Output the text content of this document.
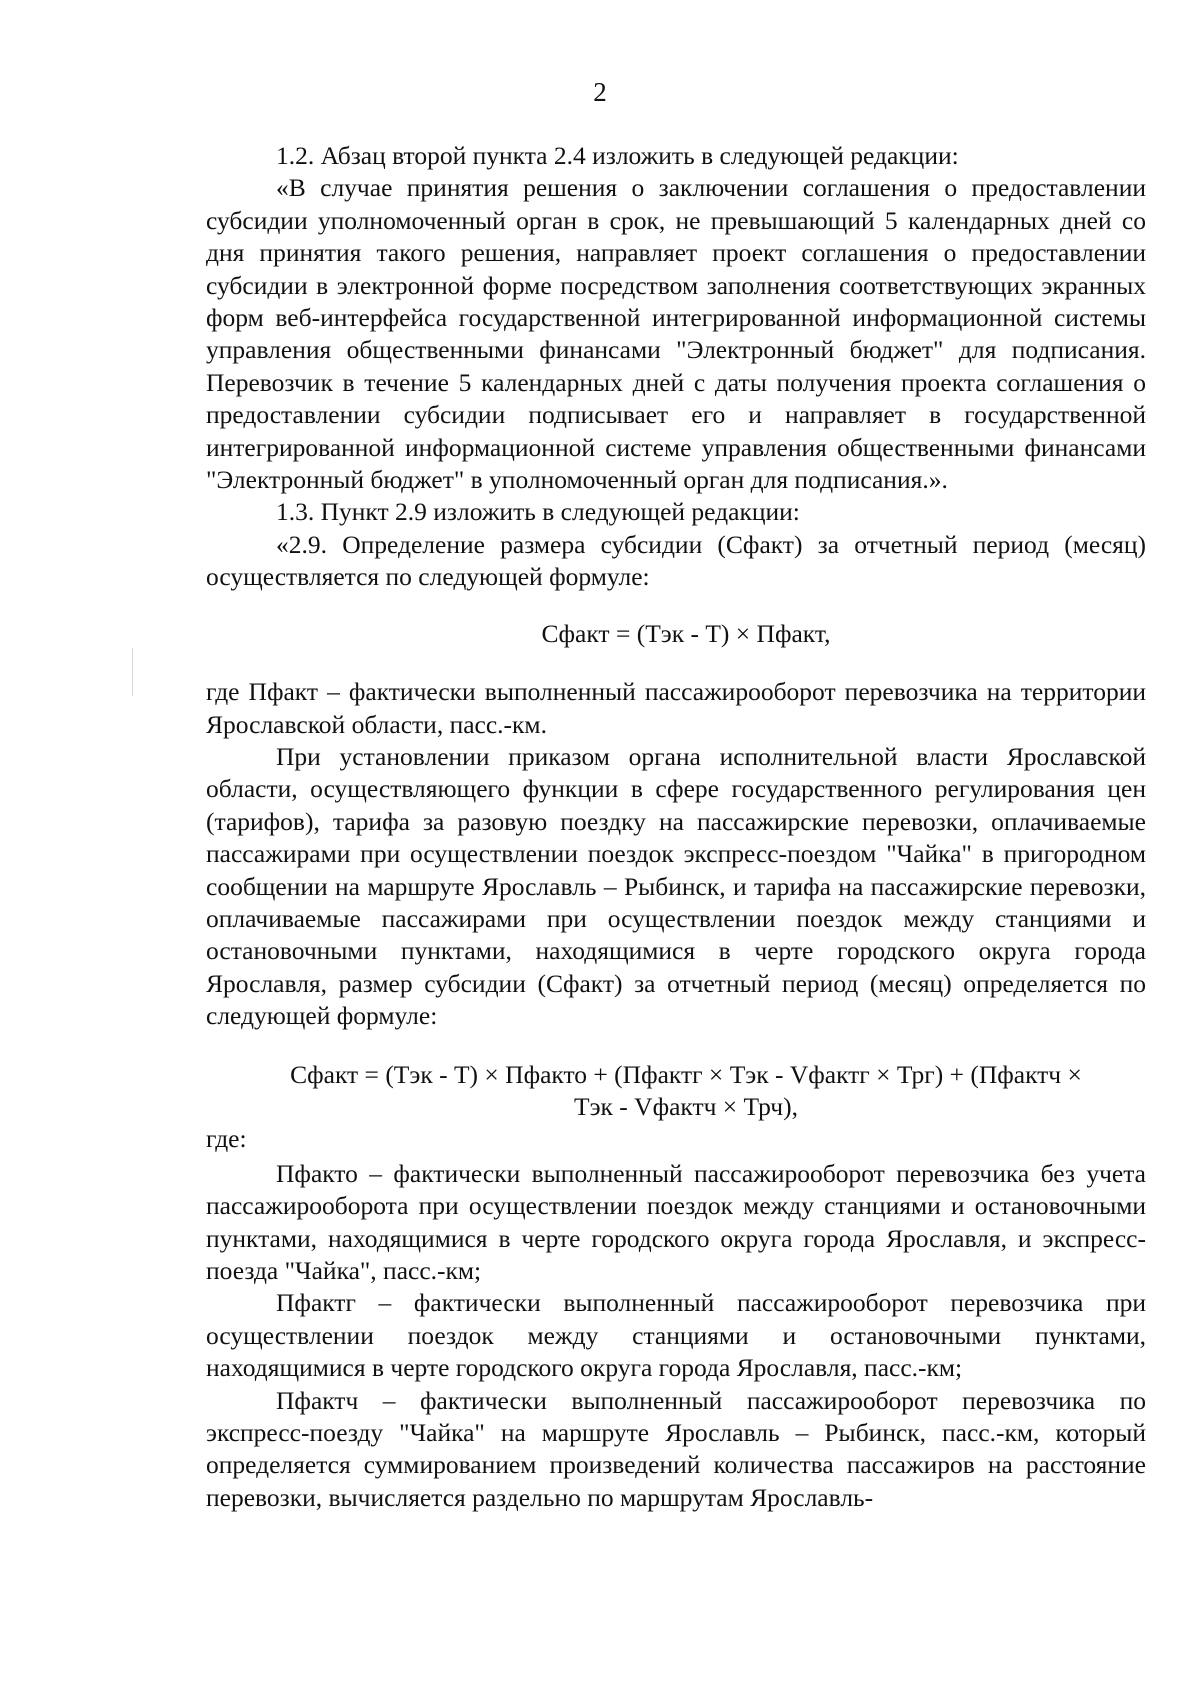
2

1.2. Абзац второй пункта 2.4 изложить в следующей редакции:

«В случае принятия решения о заключении соглашения о предоставлении субсидии уполномоченный орган в срок, не превышающий 5 календарных дней со дня принятия такого решения, направляет проект соглашения о предоставлении субсидии в электронной форме посредством заполнения соответствующих экранных форм веб-интерфейса государственной интегрированной информационной системы управления общественными финансами "Электронный бюджет" для подписания. Перевозчик в течение 5 календарных дней с даты получения проекта соглашения о предоставлении субсидии подписывает его и направляет в государственной интегрированной информационной системе управления общественными финансами "Электронный бюджет" в уполномоченный орган для подписания.».

1.3. Пункт 2.9 изложить в следующей редакции:

«2.9. Определение размера субсидии (Сфакт) за отчетный период (месяц) осуществляется по следующей формуле:

Сфакт = (Тэк - Т) × Пфакт,

где Пфакт – фактически выполненный пассажирооборот перевозчика на территории Ярославской области, пасс.-км.

При установлении приказом органа исполнительной власти Ярославской области, осуществляющего функции в сфере государственного регулирования цен (тарифов), тарифа за разовую поездку на пассажирские перевозки, оплачиваемые пассажирами при осуществлении поездок экспресс-поездом "Чайка" в пригородном сообщении на маршруте Ярославль – Рыбинск, и тарифа на пассажирские перевозки, оплачиваемые пассажирами при осуществлении поездок между станциями и остановочными пунктами, находящимися в черте городского округа города Ярославля, размер субсидии (Сфакт) за отчетный период (месяц) определяется по следующей формуле:

Сфакт = (Тэк - Т) × Пфакто + (Пфактг × Тэк - Vфактг × Трг) + (Пфактч ×
Тэк - Vфактч × Трч),

где:

Пфакто – фактически выполненный пассажирооборот перевозчика без учета пассажирооборота при осуществлении поездок между станциями и остановочными пунктами, находящимися в черте городского округа города Ярославля, и экспресс-поезда "Чайка", пасс.-км;

Пфактг – фактически выполненный пассажирооборот перевозчика при осуществлении поездок между станциями и остановочными пунктами, находящимися в черте городского округа города Ярославля, пасс.-км;

Пфактч – фактически выполненный пассажирооборот перевозчика по экспресс-поезду "Чайка" на маршруте Ярославль – Рыбинск, пасс.-км, который определяется суммированием произведений количества пассажиров на расстояние перевозки, вычисляется раздельно по маршрутам Ярославль-
